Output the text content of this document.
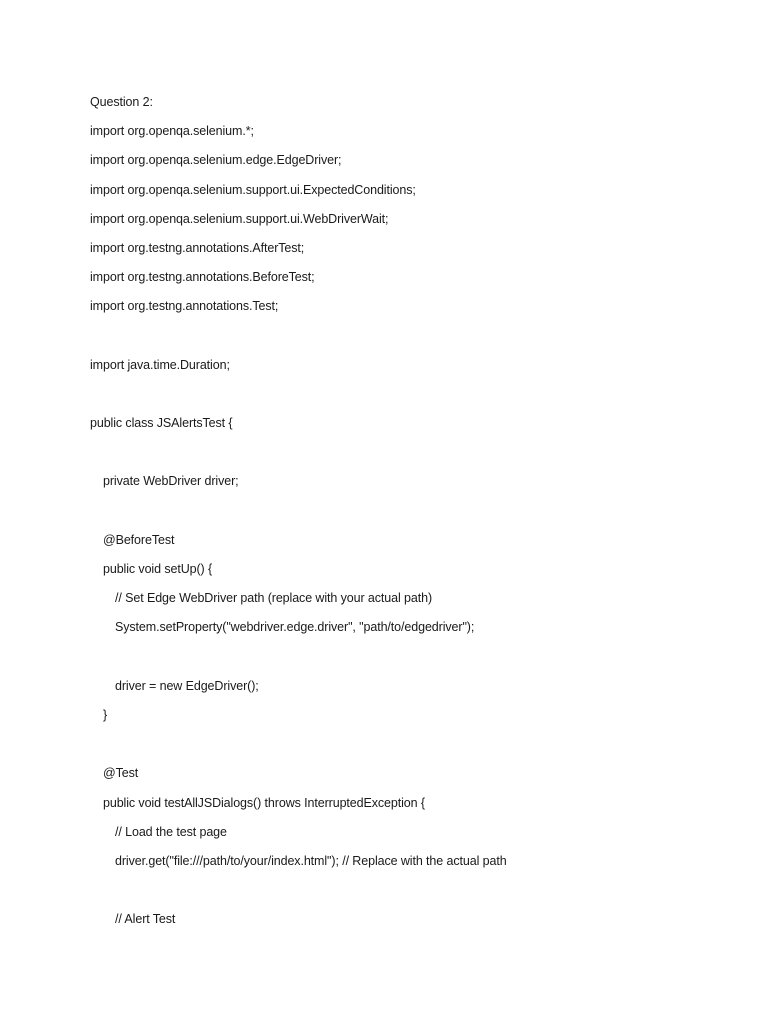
Question 2:
import org.openqa.selenium.*;
import org.openqa.selenium.edge.EdgeDriver;
import org.openqa.selenium.support.ui.ExpectedConditions;
import org.openqa.selenium.support.ui.WebDriverWait;
import org.testng.annotations.AfterTest;
import org.testng.annotations.BeforeTest;
import org.testng.annotations.Test;
import java.time.Duration;
public class JSAlertsTest {
private WebDriver driver;
@BeforeTest
public void setUp() {
// Set Edge WebDriver path (replace with your actual path)
System.setProperty("webdriver.edge.driver", "path/to/edgedriver");
driver = new EdgeDriver();
}
@Test
public void testAllJSDialogs() throws InterruptedException {
// Load the test page
driver.get("file:///path/to/your/index.html"); // Replace with the actual path
// Alert Test
